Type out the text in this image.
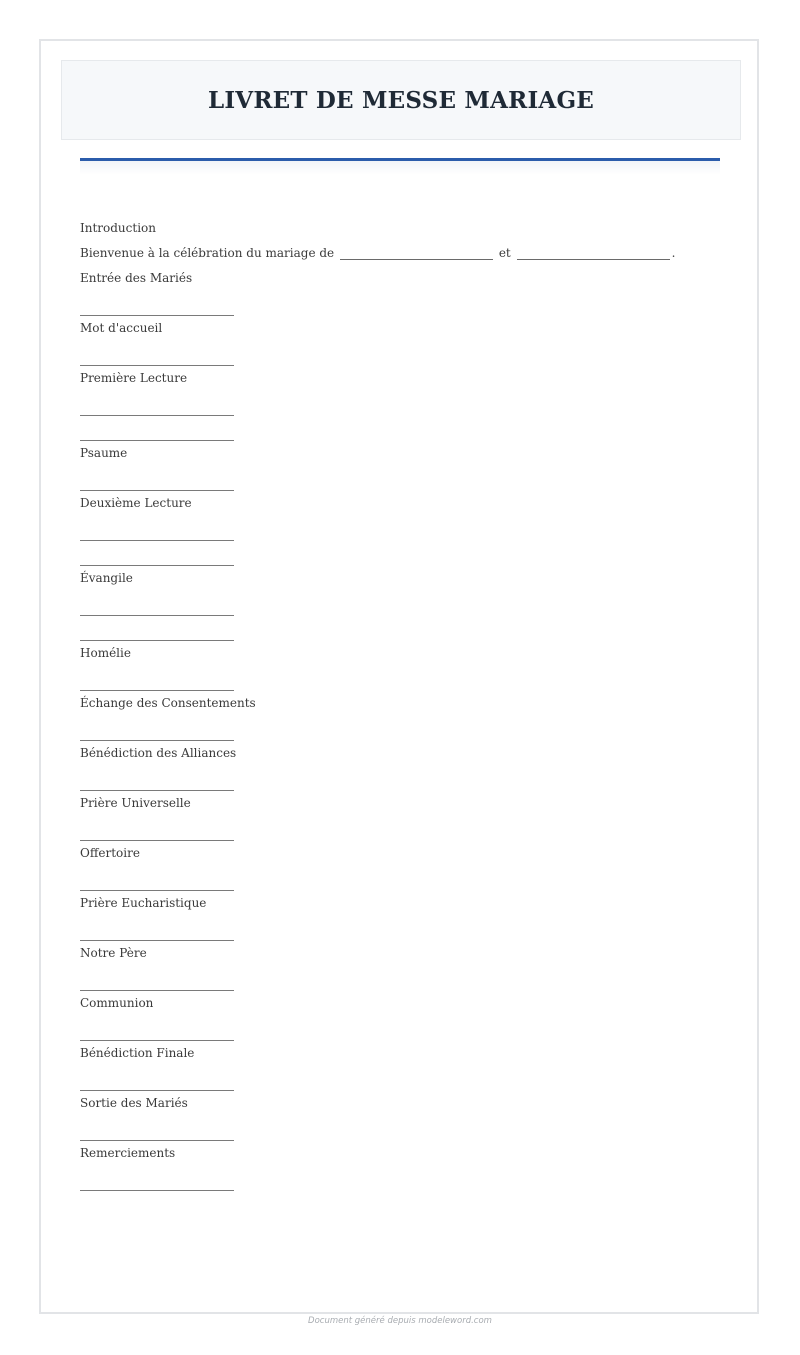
LIVRET DE MESSE MARIAGE
Introduction
Bienvenue à la célébration du mariage de	et	.
Entrée des Mariés
Mot d'accueil
Première Lecture
Psaume
Deuxième Lecture
Évangile
Homélie
Échange des Consentements
Bénédiction des Alliances
Prière Universelle
Offertoire
Prière Eucharistique
Notre Père
Communion
Bénédiction Finale
Sortie des Mariés
Remerciements
Document généré depuis modeleword.com
